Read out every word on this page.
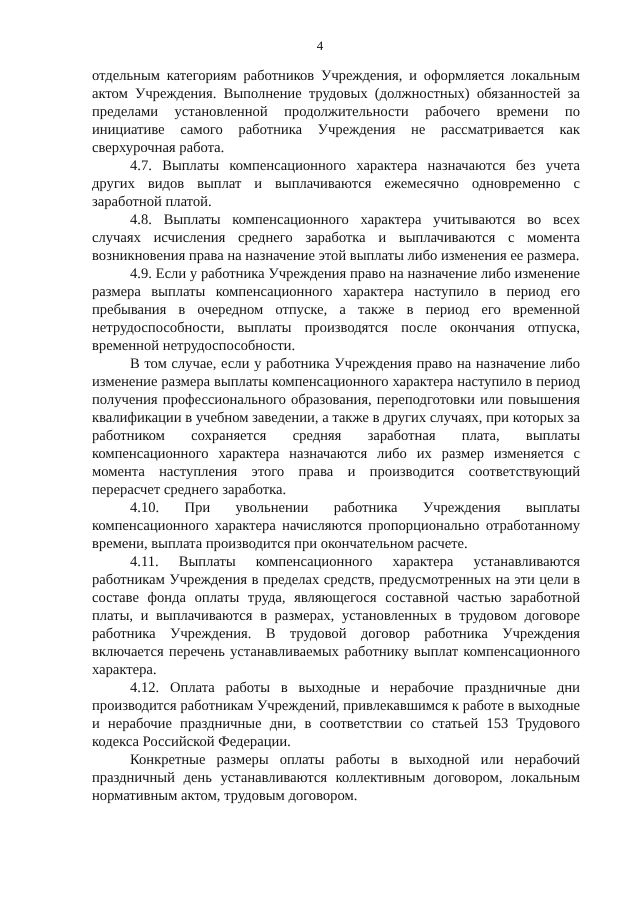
4

отдельным категориям работников Учреждения, и оформляется локальным актом Учреждения. Выполнение трудовых (должностных) обязанностей за пределами установленной продолжительности рабочего времени по инициативе самого работника Учреждения не рассматривается как сверхурочная работа.

4.7. Выплаты компенсационного характера назначаются без учета других видов выплат и выплачиваются ежемесячно одновременно с заработной платой.

4.8. Выплаты компенсационного характера учитываются во всех случаях исчисления среднего заработка и выплачиваются с момента возникновения права на назначение этой выплаты либо изменения ее размера.

4.9. Если у работника Учреждения право на назначение либо изменение размера выплаты компенсационного характера наступило в период его пребывания в очередном отпуске, а также в период его временной нетрудоспособности, выплаты производятся после окончания отпуска, временной нетрудоспособности.

В том случае, если у работника Учреждения право на назначение либо изменение размера выплаты компенсационного характера наступило в период получения профессионального образования, переподготовки или повышения квалификации в учебном заведении, а также в других случаях, при которых за работником сохраняется средняя заработная плата, выплаты компенсационного характера назначаются либо их размер изменяется с момента наступления этого права и производится соответствующий перерасчет среднего заработка.

4.10. При увольнении работника Учреждения выплаты компенсационного характера начисляются пропорционально отработанному времени, выплата производится при окончательном расчете.

4.11. Выплаты компенсационного характера устанавливаются работникам Учреждения в пределах средств, предусмотренных на эти цели в составе фонда оплаты труда, являющегося составной частью заработной платы, и выплачиваются в размерах, установленных в трудовом договоре работника Учреждения. В трудовой договор работника Учреждения включается перечень устанавливаемых работнику выплат компенсационного характера.

4.12. Оплата работы в выходные и нерабочие праздничные дни производится работникам Учреждений, привлекавшимся к работе в выходные и нерабочие праздничные дни, в соответствии со статьей 153 Трудового кодекса Российской Федерации.

Конкретные размеры оплаты работы в выходной или нерабочий праздничный день устанавливаются коллективным договором, локальным нормативным актом, трудовым договором.
